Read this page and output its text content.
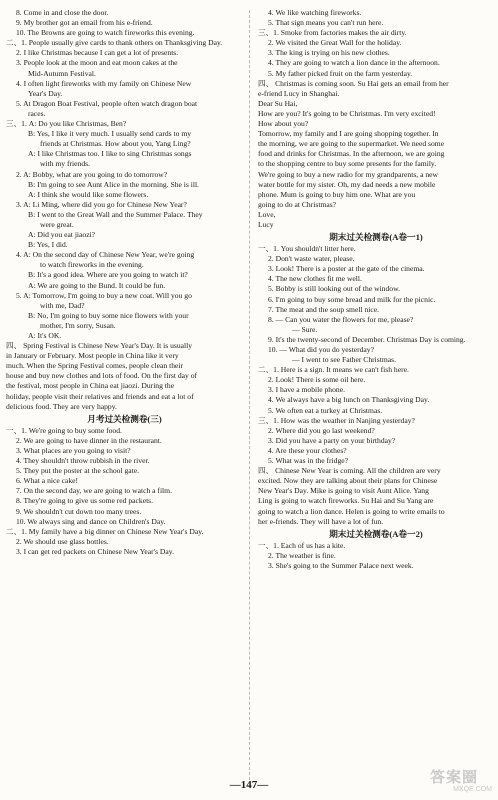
8. Come in and close the door.
9. My brother got an email from his e-friend.
10. The Browns are going to watch fireworks this evening.
二、1. People usually give cards to thank others on Thanksgiving Day.
2. I like Christmas because I can get a lot of presents.
3. People look at the moon and eat moon cakes at the
Mid-Autumn Festival.
4. I often light fireworks with my family on Chinese New
Year's Day.
5. At Dragon Boat Festival, people often watch dragon boat
races.
三、1. A: Do you like Christmas, Ben?
B: Yes, I like it very much. I usually send cards to my
friends at Christmas. How about you, Yang Ling?
A: I like Christmas too. I like to sing Christmas songs
with my friends.
2. A: Bobby, what are you going to do tomorrow?
B: I'm going to see Aunt Alice in the morning. She is ill.
A: I think she would like some flowers.
3. A: Li Ming, where did you go for Chinese New Year?
B: I went to the Great Wall and the Summer Palace. They
were great.
A: Did you eat jiaozi?
B: Yes, I did.
4. A: On the second day of Chinese New Year, we're going
to watch fireworks in the evening.
B: It's a good idea. Where are you going to watch it?
A: We are going to the Bund. It could be fun.
5. A: Tomorrow, I'm going to buy a new coat. Will you go
with me, Dad?
B: No, I'm going to buy some nice flowers with your
mother, I'm sorry, Susan.
A: It's OK.
四、 Spring Festival is Chinese New Year's Day. It is usually
in January or February. Most people in China like it very
much. When the Spring Festival comes, people clean their
house and buy new clothes and lots of food. On the first day of
the festival, most people in China eat jiaozi. During the
holiday, people visit their relatives and friends and eat a lot of
delicious food. They are very happy.
月考过关检测卷(三)
一、1. We're going to buy some food.
2. We are going to have dinner in the restaurant.
3. What places are you going to visit?
4. They shouldn't throw rubbish in the river.
5. They put the poster at the school gate.
6. What a nice cake!
7. On the second day, we are going to watch a film.
8. They're going to give us some red packets.
9. We shouldn't cut down too many trees.
10. We always sing and dance on Children's Day.
二、1. My family have a big dinner on Chinese New Year's Day.
2. We should use glass bottles.
3. I can get red packets on Chinese New Year's Day.
4. We like watching fireworks.
5. That sign means you can't run here.
三、1. Smoke from factories makes the air dirty.
2. We visited the Great Wall for the holiday.
3. The king is trying on his new clothes.
4. They are going to watch a lion dance in the afternoon.
5. My father picked fruit on the farm yesterday.
四、 Christmas is coming soon. Su Hai gets an email from her
e-friend Lucy in Shanghai.
Dear Su Hai,
How are you? It's going to be Christmas. I'm very excited!
How about you?
Tomorrow, my family and I are going shopping together. In
the morning, we are going to the supermarket. We need some
food and drinks for Christmas. In the afternoon, we are going
to the shopping centre to buy some presents for the family.
We're going to buy a new radio for my grandparents, a new
water bottle for my sister. Oh, my dad needs a new mobile
phone. Mum is going to buy him one. What are you
going to do at Christmas?
Love,
Lucy
期末过关检测卷(A卷一1)
一、1. You shouldn't litter here.
2. Don't waste water, please.
3. Look! There is a poster at the gate of the cinema.
4. The new clothes fit me well.
5. Bobby is still looking out of the window.
6. I'm going to buy some bread and milk for the picnic.
7. The meat and the soup smell nice.
8. — Can you water the flowers for me, please?
— Sure.
9. It's the twenty-second of December. Christmas Day is coming.
10. — What did you do yesterday?
— I went to see Father Christmas.
二、1. Here is a sign. It means we can't fish here.
2. Look! There is some oil here.
3. I have a mobile phone.
4. We always have a big lunch on Thanksgiving Day.
5. We often eat a turkey at Christmas.
三、1. How was the weather in Nanjing yesterday?
2. Where did you go last weekend?
3. Did you have a party on your birthday?
4. Are these your clothes?
5. What was in the fridge?
四、 Chinese New Year is coming. All the children are very
excited. Now they are talking about their plans for Chinese
New Year's Day. Mike is going to visit Aunt Alice. Yang
Ling is going to watch fireworks. Su Hai and Su Yang are
going to watch a lion dance. Helen is going to write emails to
her e-friends. They will have a lot of fun.
期末过关检测卷(A卷一2)
一、1. Each of us has a kite.
2. The weather is fine.
3. She's going to the Summer Palace next week.
—147—	答案圈
MXQE.COM
